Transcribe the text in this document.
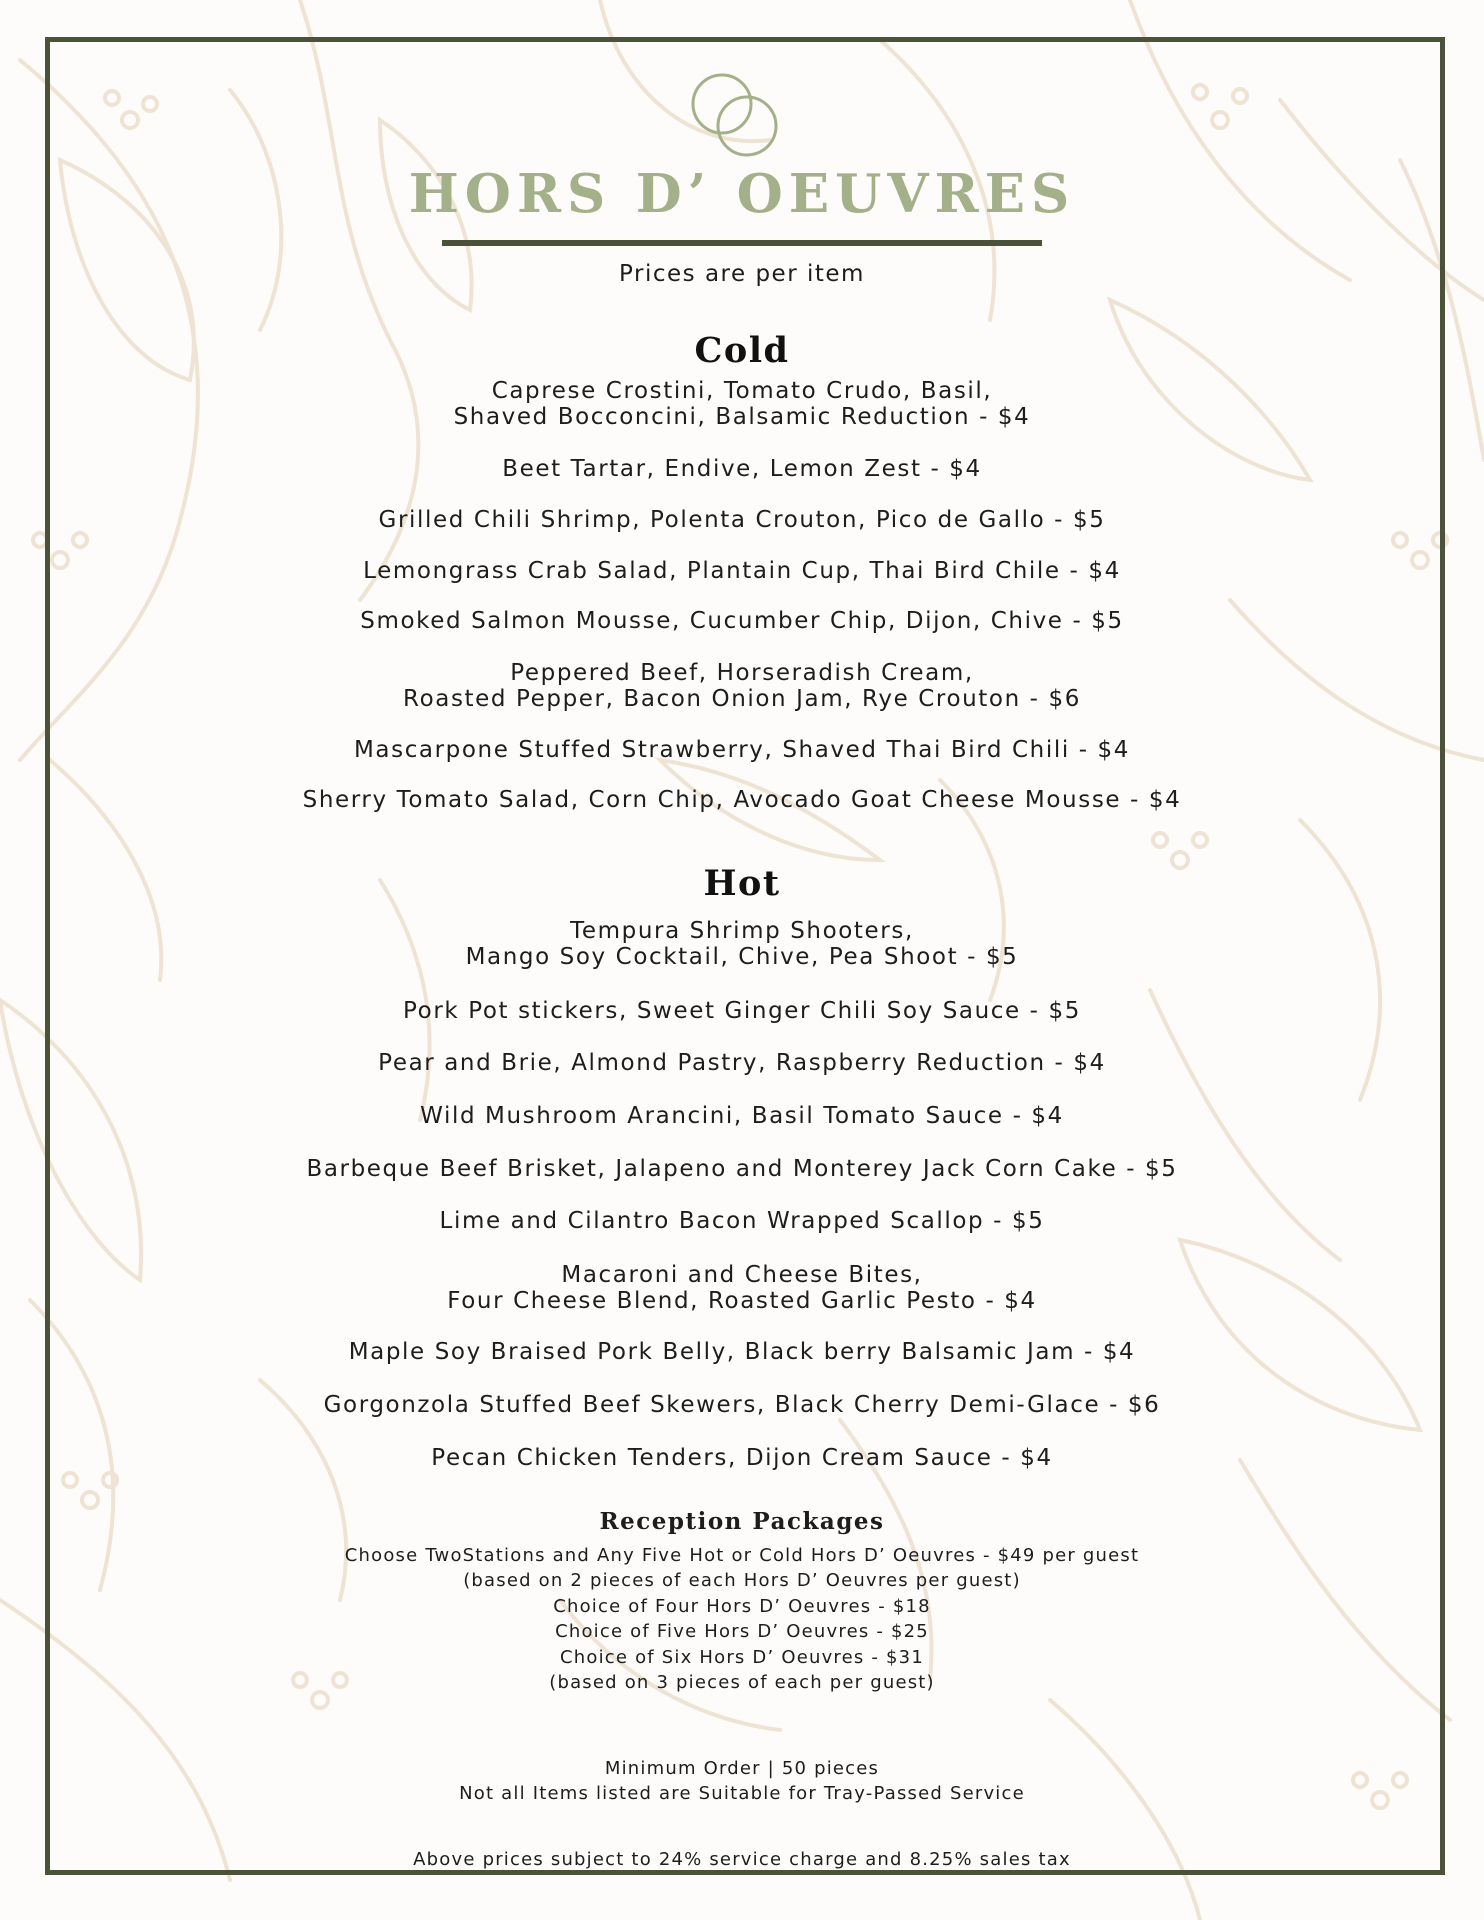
HORS D’ OEUVRES
Prices are per item
Cold
Caprese Crostini, Tomato Crudo, Basil,
Shaved Bocconcini, Balsamic Reduction - $4
Beet Tartar, Endive, Lemon Zest - $4
Grilled Chili Shrimp, Polenta Crouton, Pico de Gallo - $5
Lemongrass Crab Salad, Plantain Cup, Thai Bird Chile - $4
Smoked Salmon Mousse, Cucumber Chip, Dijon, Chive - $5
Peppered Beef, Horseradish Cream,
Roasted Pepper, Bacon Onion Jam, Rye Crouton - $6
Mascarpone Stuffed Strawberry, Shaved Thai Bird Chili - $4
Sherry Tomato Salad, Corn Chip, Avocado Goat Cheese Mousse - $4
Hot
Tempura Shrimp Shooters,
Mango Soy Cocktail, Chive, Pea Shoot - $5
Pork Pot stickers, Sweet Ginger Chili Soy Sauce - $5
Pear and Brie, Almond Pastry, Raspberry Reduction - $4
Wild Mushroom Arancini, Basil Tomato Sauce - $4
Barbeque Beef Brisket, Jalapeno and Monterey Jack Corn Cake - $5
Lime and Cilantro Bacon Wrapped Scallop - $5
Macaroni and Cheese Bites,
Four Cheese Blend, Roasted Garlic Pesto - $4
Maple Soy Braised Pork Belly, Black berry Balsamic Jam - $4
Gorgonzola Stuffed Beef Skewers, Black Cherry Demi-Glace - $6
Pecan Chicken Tenders, Dijon Cream Sauce - $4
Reception Packages
Choose TwoStations and Any Five Hot or Cold Hors D’ Oeuvres - $49 per guest
(based on 2 pieces of each Hors D’ Oeuvres per guest)
Choice of Four Hors D’ Oeuvres - $18
Choice of Five Hors D’ Oeuvres - $25
Choice of Six Hors D’ Oeuvres - $31
(based on 3 pieces of each per guest)
Minimum Order | 50 pieces
Not all Items listed are Suitable for Tray-Passed Service
Above prices subject to 24% service charge and 8.25% sales tax
